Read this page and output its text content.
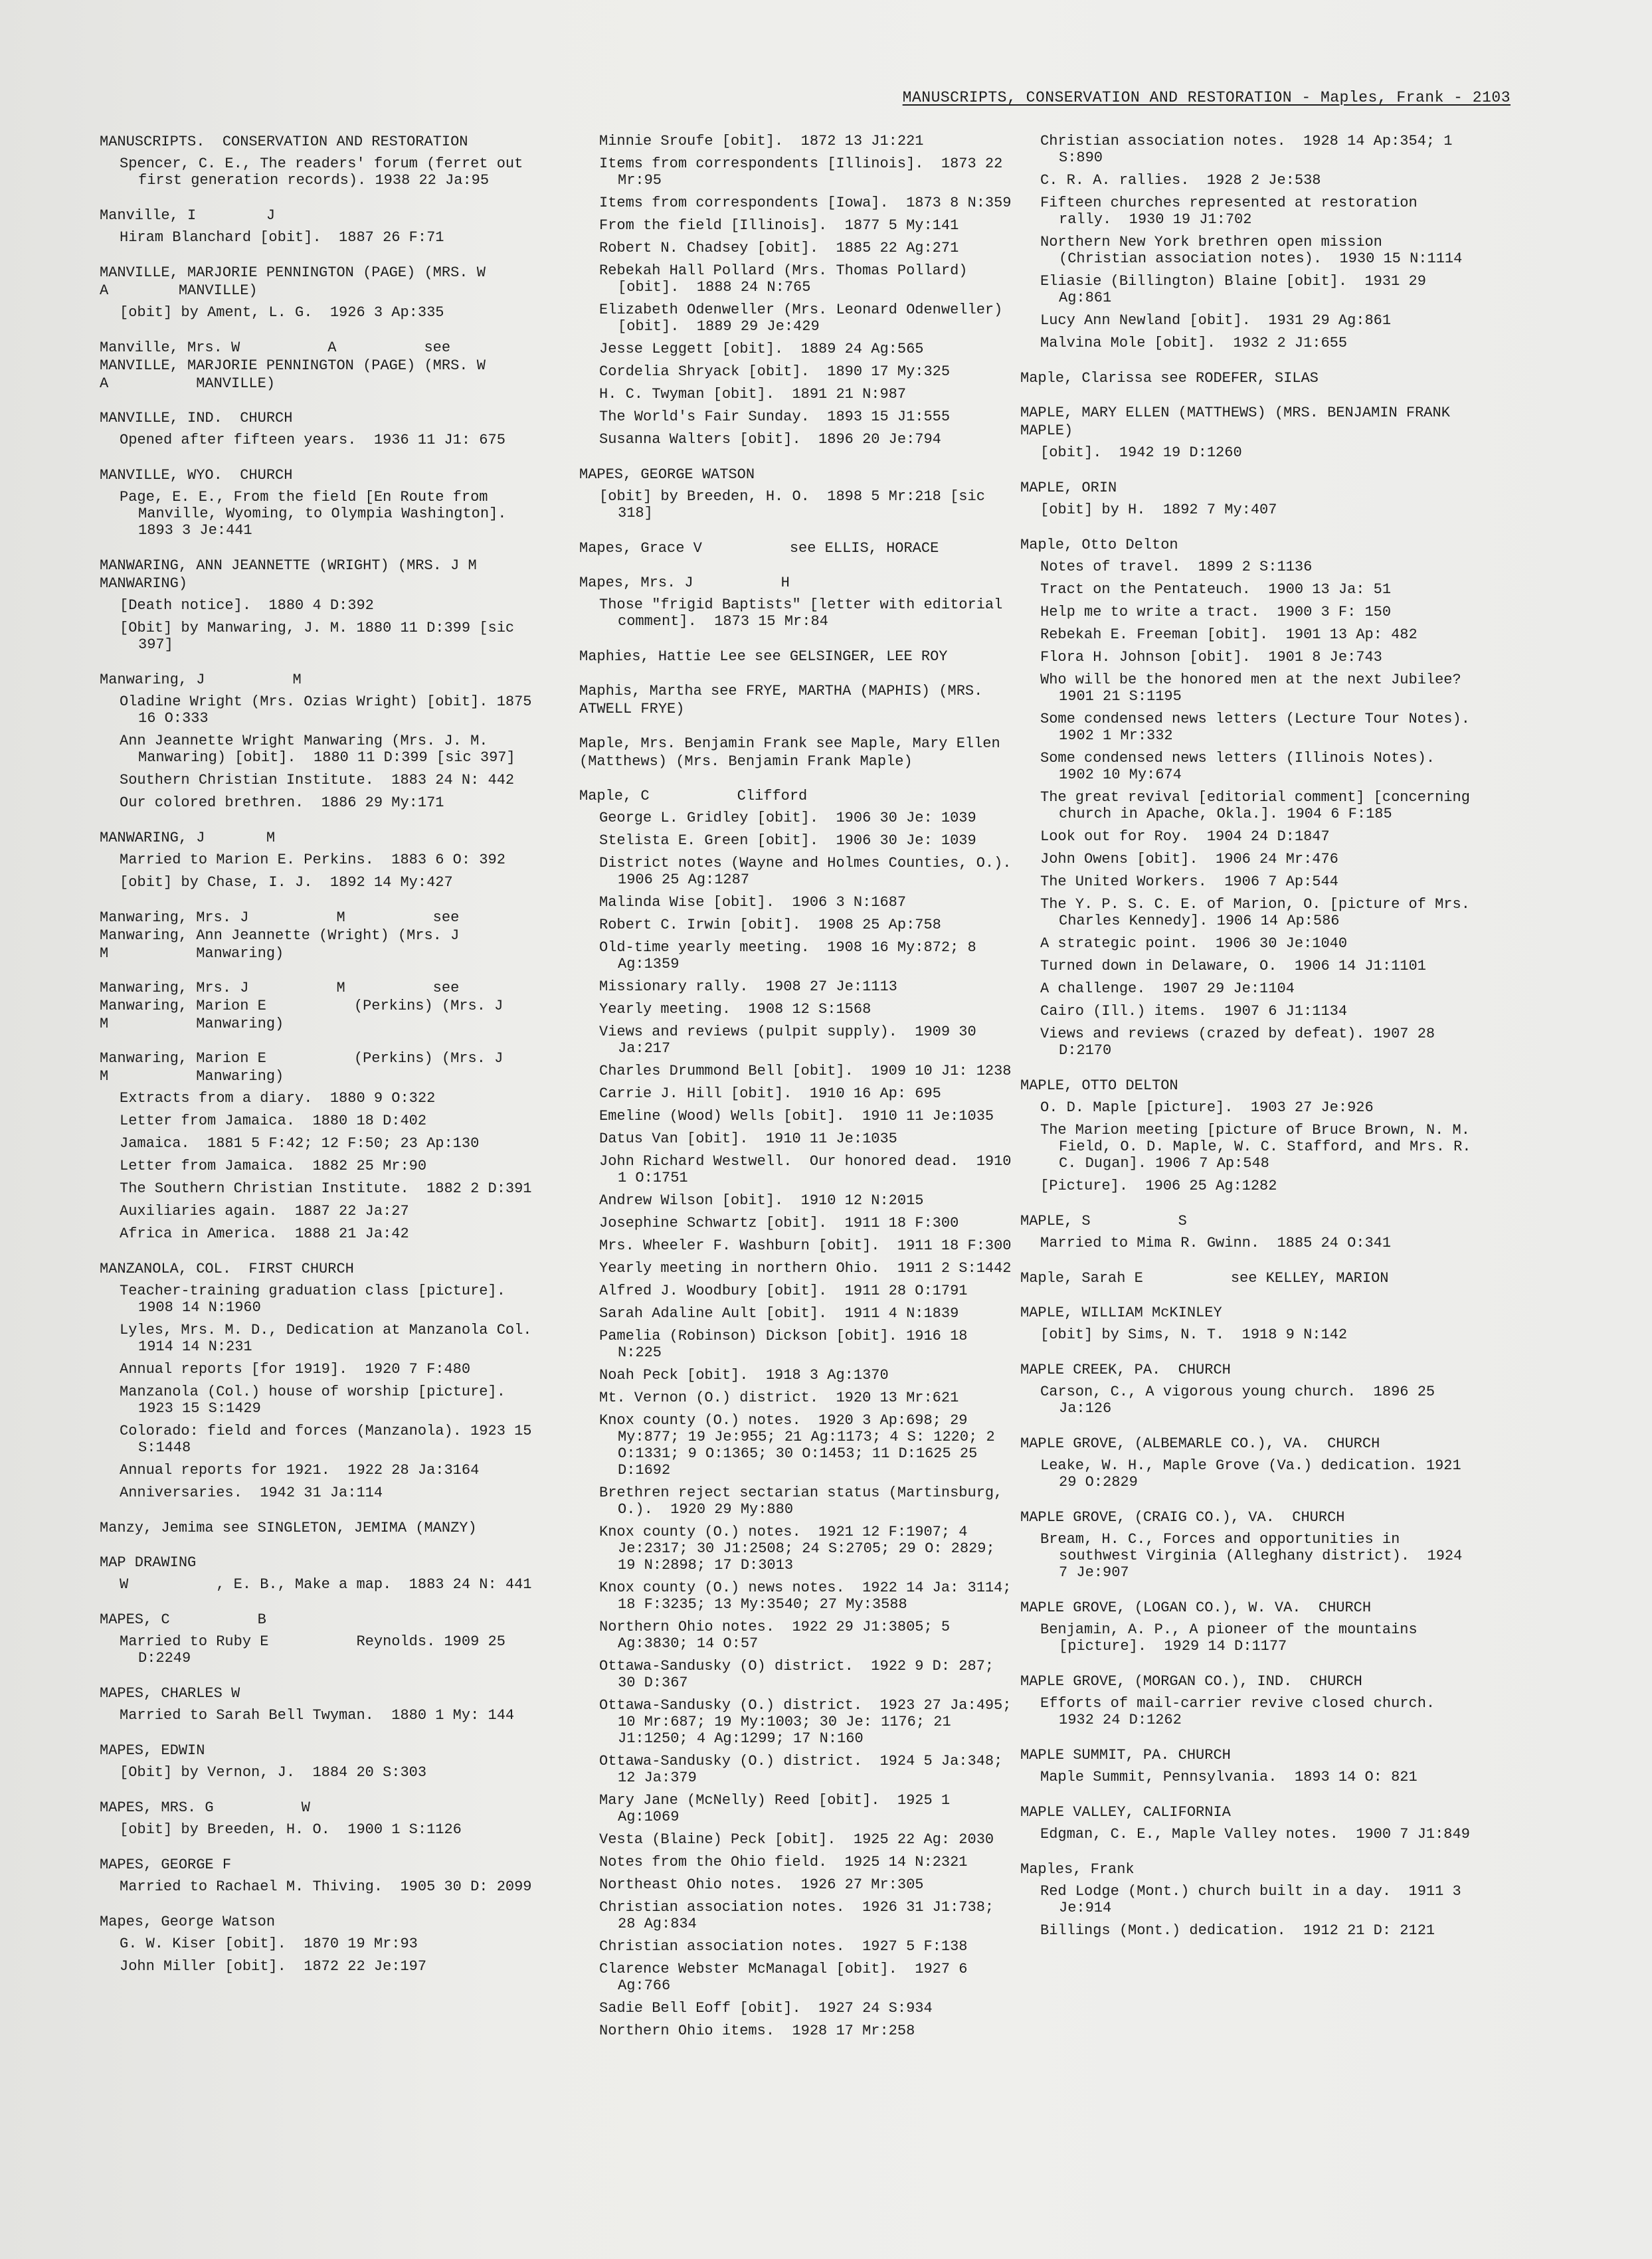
MANUSCRIPTS, CONSERVATION AND RESTORATION - Maples, Frank - 2103
MANUSCRIPTS.  CONSERVATION AND RESTORATION
Spencer, C. E., The readers' forum (ferret out first generation records). 1938 22 Ja:95
Manville, I        J
Hiram Blanchard [obit].  1887 26 F:71
MANVILLE, MARJORIE PENNINGTON (PAGE) (MRS. W       A        MANVILLE)
[obit] by Ament, L. G.  1926 3 Ap:335
Manville, Mrs. W          A          see MANVILLE, MARJORIE PENNINGTON (PAGE) (MRS. W          A          MANVILLE)
MANVILLE, IND.  CHURCH
Opened after fifteen years.  1936 11 J1: 675
MANVILLE, WYO.  CHURCH
Page, E. E., From the field [En Route from Manville, Wyoming, to Olympia Washington].  1893 3 Je:441
MANWARING, ANN JEANNETTE (WRIGHT) (MRS. J M       MANWARING)
[Death notice].  1880 4 D:392
[Obit] by Manwaring, J. M. 1880 11 D:399 [sic 397]
Manwaring, J          M
Oladine Wright (Mrs. Ozias Wright) [obit]. 1875 16 O:333
Ann Jeannette Wright Manwaring (Mrs. J. M. Manwaring) [obit].  1880 11 D:399 [sic 397]
Southern Christian Institute.  1883 24 N: 442
Our colored brethren.  1886 29 My:171
MANWARING, J       M
Married to Marion E. Perkins.  1883 6 O: 392
[obit] by Chase, I. J.  1892 14 My:427
Manwaring, Mrs. J          M          see Manwaring, Ann Jeannette (Wright) (Mrs. J          M          Manwaring)
Manwaring, Mrs. J          M          see Manwaring, Marion E          (Perkins) (Mrs. J          M          Manwaring)
Manwaring, Marion E          (Perkins) (Mrs. J          M          Manwaring)
Extracts from a diary.  1880 9 O:322
Letter from Jamaica.  1880 18 D:402
Jamaica.  1881 5 F:42; 12 F:50; 23 Ap:130
Letter from Jamaica.  1882 25 Mr:90
The Southern Christian Institute.  1882 2 D:391
Auxiliaries again.  1887 22 Ja:27
Africa in America.  1888 21 Ja:42
MANZANOLA, COL.  FIRST CHURCH
Teacher-training graduation class [picture].  1908 14 N:1960
Lyles, Mrs. M. D., Dedication at Manzanola Col.  1914 14 N:231
Annual reports [for 1919].  1920 7 F:480
Manzanola (Col.) house of worship [picture].  1923 15 S:1429
Colorado: field and forces (Manzanola). 1923 15 S:1448
Annual reports for 1921.  1922 28 Ja:3164
Anniversaries.  1942 31 Ja:114
Manzy, Jemima see SINGLETON, JEMIMA (MANZY)
MAP DRAWING
W          , E. B., Make a map.  1883 24 N: 441
MAPES, C          B
Married to Ruby E          Reynolds. 1909 25 D:2249
MAPES, CHARLES W
Married to Sarah Bell Twyman.  1880 1 My: 144
MAPES, EDWIN
[Obit] by Vernon, J.  1884 20 S:303
MAPES, MRS. G          W
[obit] by Breeden, H. O.  1900 1 S:1126
MAPES, GEORGE F
Married to Rachael M. Thiving.  1905 30 D: 2099
Mapes, George Watson
G. W. Kiser [obit].  1870 19 Mr:93
John Miller [obit].  1872 22 Je:197
Minnie Sroufe [obit].  1872 13 J1:221
Items from correspondents [Illinois].  1873 22 Mr:95
Items from correspondents [Iowa].  1873 8 N:359
From the field [Illinois].  1877 5 My:141
Robert N. Chadsey [obit].  1885 22 Ag:271
Rebekah Hall Pollard (Mrs. Thomas Pollard) [obit].  1888 24 N:765
Elizabeth Odenweller (Mrs. Leonard Odenweller) [obit].  1889 29 Je:429
Jesse Leggett [obit].  1889 24 Ag:565
Cordelia Shryack [obit].  1890 17 My:325
H. C. Twyman [obit].  1891 21 N:987
The World's Fair Sunday.  1893 15 J1:555
Susanna Walters [obit].  1896 20 Je:794
MAPES, GEORGE WATSON
[obit] by Breeden, H. O.  1898 5 Mr:218 [sic 318]
Mapes, Grace V          see ELLIS, HORACE
Mapes, Mrs. J          H
Those "frigid Baptists" [letter with editorial comment].  1873 15 Mr:84
Maphies, Hattie Lee see GELSINGER, LEE ROY
Maphis, Martha see FRYE, MARTHA (MAPHIS) (MRS. ATWELL FRYE)
Maple, Mrs. Benjamin Frank see Maple, Mary Ellen (Matthews) (Mrs. Benjamin Frank Maple)
Maple, C          Clifford
George L. Gridley [obit].  1906 30 Je: 1039
Stelista E. Green [obit].  1906 30 Je: 1039
District notes (Wayne and Holmes Counties, O.).  1906 25 Ag:1287
Malinda Wise [obit].  1906 3 N:1687
Robert C. Irwin [obit].  1908 25 Ap:758
Old-time yearly meeting.  1908 16 My:872; 8 Ag:1359
Missionary rally.  1908 27 Je:1113
Yearly meeting.  1908 12 S:1568
Views and reviews (pulpit supply).  1909 30 Ja:217
Charles Drummond Bell [obit].  1909 10 J1: 1238
Carrie J. Hill [obit].  1910 16 Ap: 695
Emeline (Wood) Wells [obit].  1910 11 Je:1035
Datus Van [obit].  1910 11 Je:1035
John Richard Westwell.  Our honored dead.  1910 1 O:1751
Andrew Wilson [obit].  1910 12 N:2015
Josephine Schwartz [obit].  1911 18 F:300
Mrs. Wheeler F. Washburn [obit].  1911 18 F:300
Yearly meeting in northern Ohio.  1911 2 S:1442
Alfred J. Woodbury [obit].  1911 28 O:1791
Sarah Adaline Ault [obit].  1911 4 N:1839
Pamelia (Robinson) Dickson [obit]. 1916 18 N:225
Noah Peck [obit].  1918 3 Ag:1370
Mt. Vernon (O.) district.  1920 13 Mr:621
Knox county (O.) notes.  1920 3 Ap:698; 29 My:877; 19 Je:955; 21 Ag:1173; 4 S: 1220; 2 O:1331; 9 O:1365; 30 O:1453; 11 D:1625 25 D:1692
Brethren reject sectarian status (Martinsburg, O.).  1920 29 My:880
Knox county (O.) notes.  1921 12 F:1907; 4 Je:2317; 30 J1:2508; 24 S:2705; 29 O: 2829; 19 N:2898; 17 D:3013
Knox county (O.) news notes.  1922 14 Ja: 3114; 18 F:3235; 13 My:3540; 27 My:3588
Northern Ohio notes.  1922 29 J1:3805; 5 Ag:3830; 14 O:57
Ottawa-Sandusky (O) district.  1922 9 D: 287; 30 D:367
Ottawa-Sandusky (O.) district.  1923 27 Ja:495; 10 Mr:687; 19 My:1003; 30 Je: 1176; 21 J1:1250; 4 Ag:1299; 17 N:160
Ottawa-Sandusky (O.) district.  1924 5 Ja:348; 12 Ja:379
Mary Jane (McNelly) Reed [obit].  1925 1 Ag:1069
Vesta (Blaine) Peck [obit].  1925 22 Ag: 2030
Notes from the Ohio field.  1925 14 N:2321
Northeast Ohio notes.  1926 27 Mr:305
Christian association notes.  1926 31 J1:738; 28 Ag:834
Christian association notes.  1927 5 F:138
Clarence Webster McManagal [obit].  1927 6 Ag:766
Sadie Bell Eoff [obit].  1927 24 S:934
Northern Ohio items.  1928 17 Mr:258
Christian association notes.  1928 14 Ap:354; 1 S:890
C. R. A. rallies.  1928 2 Je:538
Fifteen churches represented at restoration rally.  1930 19 J1:702
Northern New York brethren open mission (Christian association notes).  1930 15 N:1114
Eliasie (Billington) Blaine [obit].  1931 29 Ag:861
Lucy Ann Newland [obit].  1931 29 Ag:861
Malvina Mole [obit].  1932 2 J1:655
Maple, Clarissa see RODEFER, SILAS
MAPLE, MARY ELLEN (MATTHEWS) (MRS. BENJAMIN FRANK MAPLE)
[obit].  1942 19 D:1260
MAPLE, ORIN
[obit] by H.  1892 7 My:407
Maple, Otto Delton
Notes of travel.  1899 2 S:1136
Tract on the Pentateuch.  1900 13 Ja: 51
Help me to write a tract.  1900 3 F: 150
Rebekah E. Freeman [obit].  1901 13 Ap: 482
Flora H. Johnson [obit].  1901 8 Je:743
Who will be the honored men at the next Jubilee?  1901 21 S:1195
Some condensed news letters (Lecture Tour Notes).  1902 1 Mr:332
Some condensed news letters (Illinois Notes).  1902 10 My:674
The great revival [editorial comment] [concerning church in Apache, Okla.]. 1904 6 F:185
Look out for Roy.  1904 24 D:1847
John Owens [obit].  1906 24 Mr:476
The United Workers.  1906 7 Ap:544
The Y. P. S. C. E. of Marion, O. [picture of Mrs. Charles Kennedy]. 1906 14 Ap:586
A strategic point.  1906 30 Je:1040
Turned down in Delaware, O.  1906 14 J1:1101
A challenge.  1907 29 Je:1104
Cairo (Ill.) items.  1907 6 J1:1134
Views and reviews (crazed by defeat). 1907 28 D:2170
MAPLE, OTTO DELTON
O. D. Maple [picture].  1903 27 Je:926
The Marion meeting [picture of Bruce Brown, N. M. Field, O. D. Maple, W. C. Stafford, and Mrs. R. C. Dugan]. 1906 7 Ap:548
[Picture].  1906 25 Ag:1282
MAPLE, S          S
Married to Mima R. Gwinn.  1885 24 O:341
Maple, Sarah E          see KELLEY, MARION
MAPLE, WILLIAM McKINLEY
[obit] by Sims, N. T.  1918 9 N:142
MAPLE CREEK, PA.  CHURCH
Carson, C., A vigorous young church.  1896 25 Ja:126
MAPLE GROVE, (ALBEMARLE CO.), VA.  CHURCH
Leake, W. H., Maple Grove (Va.) dedication. 1921 29 O:2829
MAPLE GROVE, (CRAIG CO.), VA.  CHURCH
Bream, H. C., Forces and opportunities in southwest Virginia (Alleghany district).  1924 7 Je:907
MAPLE GROVE, (LOGAN CO.), W. VA.  CHURCH
Benjamin, A. P., A pioneer of the mountains [picture].  1929 14 D:1177
MAPLE GROVE, (MORGAN CO.), IND.  CHURCH
Efforts of mail-carrier revive closed church.  1932 24 D:1262
MAPLE SUMMIT, PA. CHURCH
Maple Summit, Pennsylvania.  1893 14 O: 821
MAPLE VALLEY, CALIFORNIA
Edgman, C. E., Maple Valley notes.  1900 7 J1:849
Maples, Frank
Red Lodge (Mont.) church built in a day.  1911 3 Je:914
Billings (Mont.) dedication.  1912 21 D: 2121
